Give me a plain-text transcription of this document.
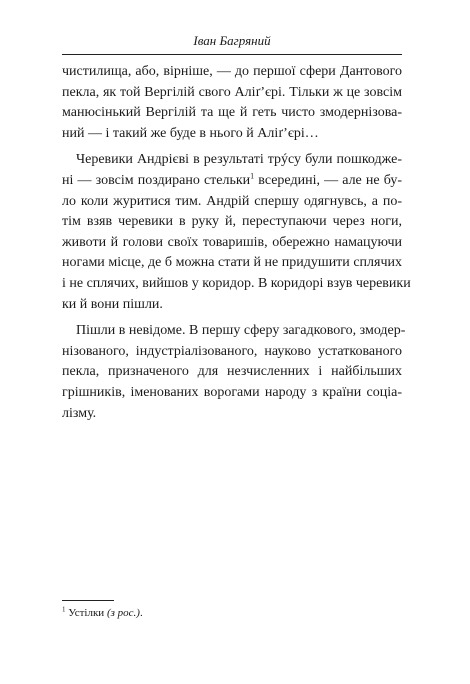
Іван Багряний
чистилища, або, вірніше, — до першої сфери Дантового
пекла, як той Вергілій свого Аліґ’єрі. Тільки ж це зовсім
манюсінький Вергілій та ще й геть чисто змодернізова-
ний — і такий же буде в нього й Аліґ’єрі…
Черевики Андрієві в результаті трýсу були пошкодже-
ні — зовсім поздирано стельки$^1$ всередині, — але не бу-
ло коли журитися тим. Андрій спершу одягнувсь, а по-
тім взяв черевики в руку й, переступаючи через ноги,
животи й голови своїх товаришів, обережно намацуючи
ногами місце, де б можна стати й не придушити сплячих
і не сплячих, вийшов у коридор. В коридорі взув черевики
ки й вони пішли.
Пішли в невідоме. В першу сферу загадкового, змодер-
нізованого, індустріалізованого, науково устаткованого
пекла, призначеного для незчисленних і найбільших
грішників, іменованих ворогами народу з країни соціа-
лізму.
$^1$ Устілки (з рос.).
